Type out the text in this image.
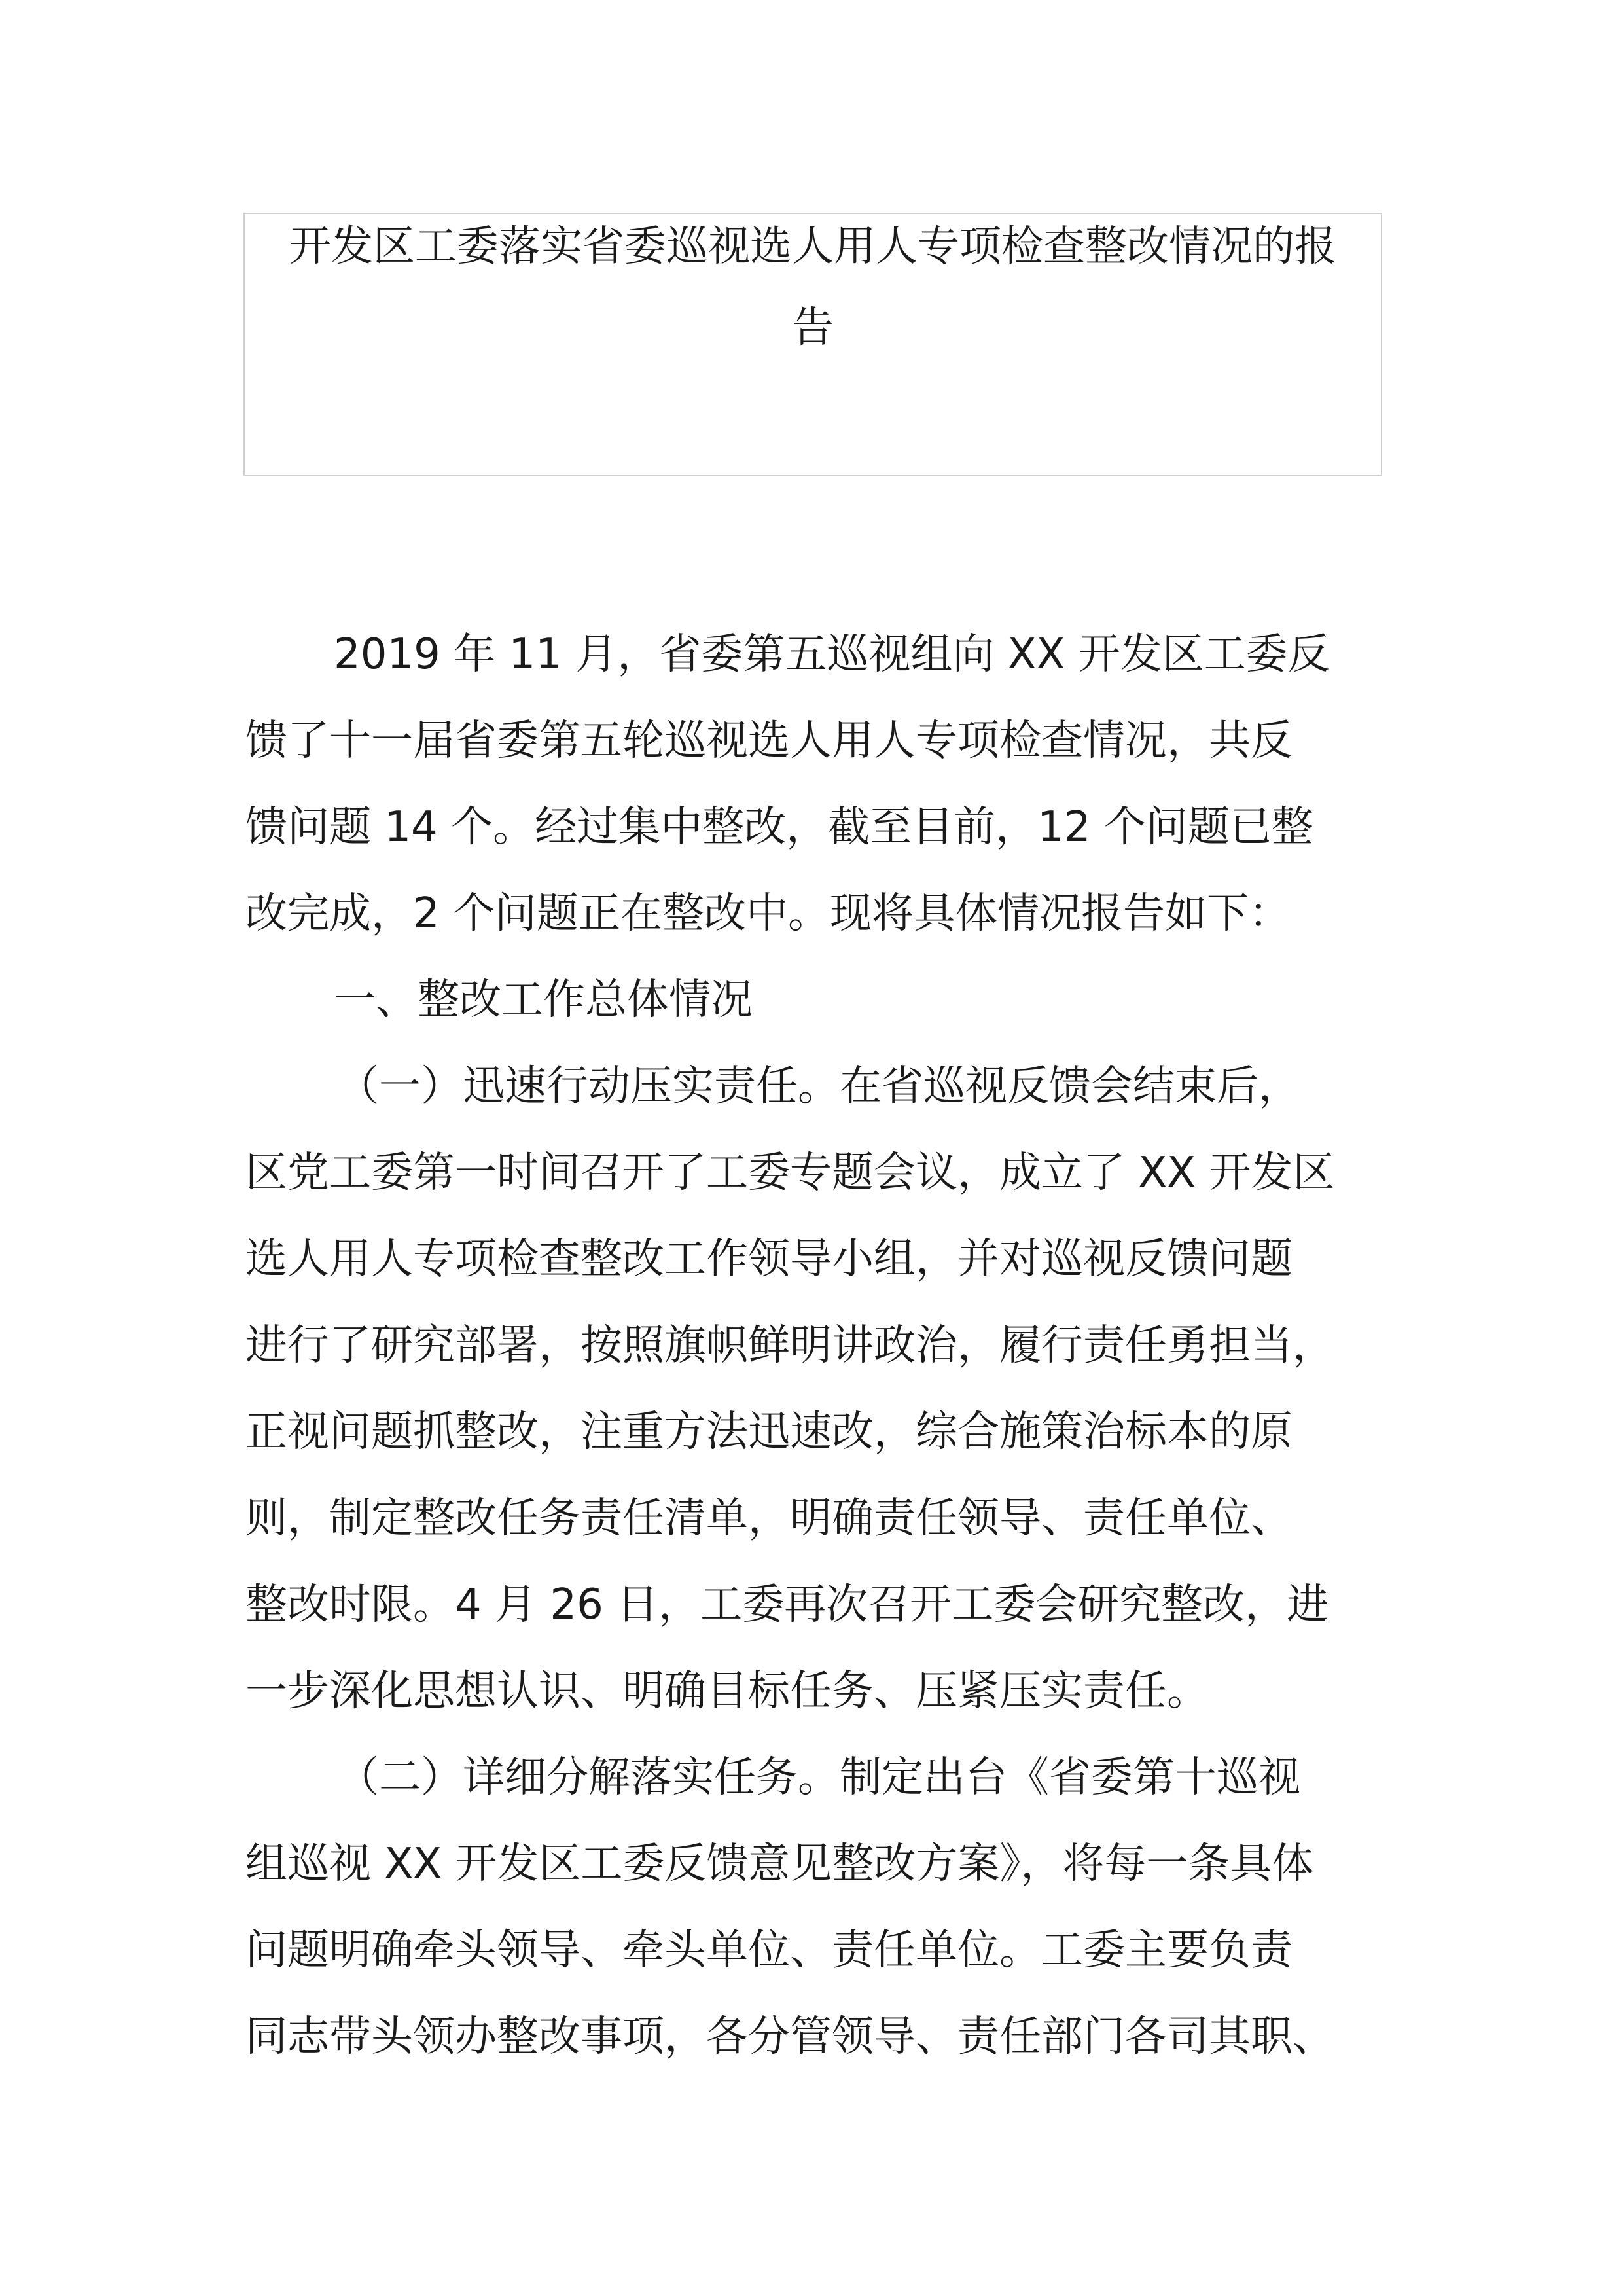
开发区工委落实省委巡视选人用人专项检查整改情况的报
告
2019 年 11 月，省委第五巡视组向 XX 开发区工委反
馈了十一届省委第五轮巡视选人用人专项检查情况，共反
馈问题 14 个。经过集中整改，截至目前，12 个问题已整
改完成，2 个问题正在整改中。现将具体情况报告如下：
一、整改工作总体情况
（一）迅速行动压实责任。在省巡视反馈会结束后，
区党工委第一时间召开了工委专题会议，成立了 XX 开发区
选人用人专项检查整改工作领导小组，并对巡视反馈问题
进行了研究部署，按照旗帜鲜明讲政治，履行责任勇担当，
正视问题抓整改，注重方法迅速改，综合施策治标本的原
则，制定整改任务责任清单，明确责任领导、责任单位、
整改时限。4 月 26 日，工委再次召开工委会研究整改，进
一步深化思想认识、明确目标任务、压紧压实责任。
（二）详细分解落实任务。制定出台《省委第十巡视
组巡视 XX 开发区工委反馈意见整改方案》，将每一条具体
问题明确牵头领导、牵头单位、责任单位。工委主要负责
同志带头领办整改事项，各分管领导、责任部门各司其职、
